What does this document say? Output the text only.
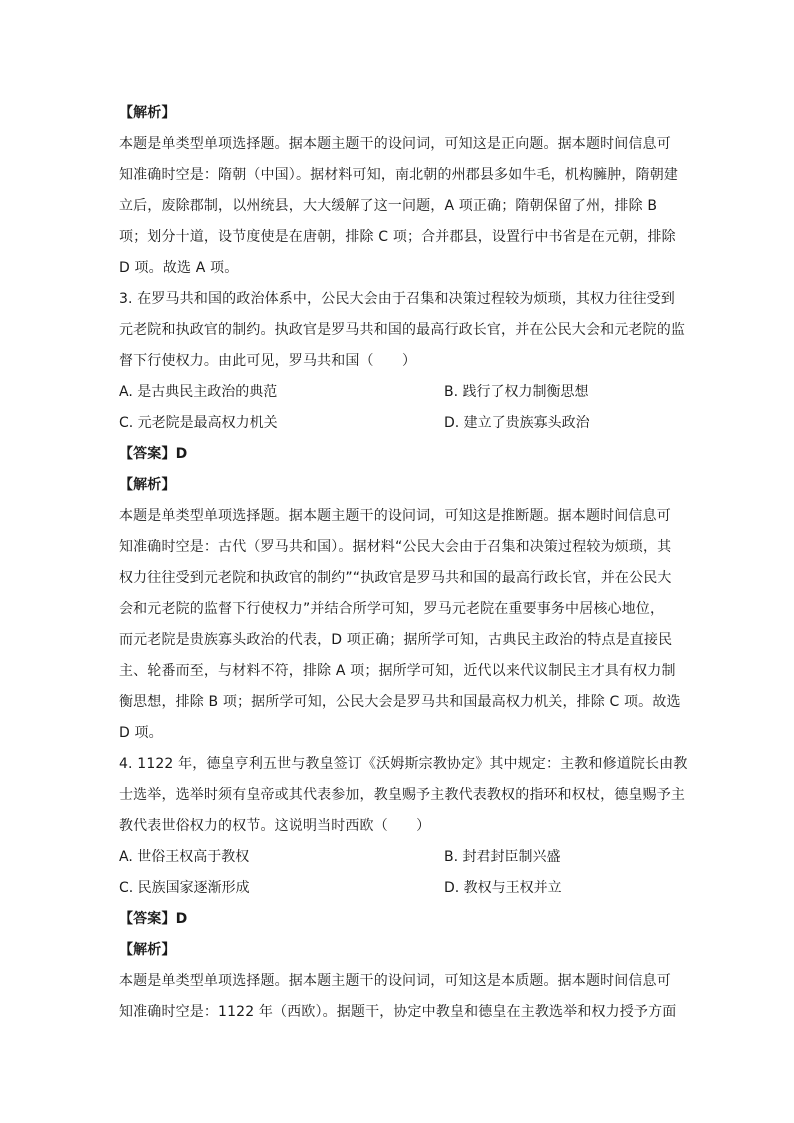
【解析】
本题是单类型单项选择题。据本题主题干的设问词，可知这是正向题。据本题时间信息可
知准确时空是：隋朝（中国）。据材料可知，南北朝的州郡县多如牛毛，机构臃肿，隋朝建
立后，废除郡制，以州统县，大大缓解了这一问题，A 项正确；隋朝保留了州，排除 B
项；划分十道，设节度使是在唐朝，排除 C 项；合并郡县，设置行中书省是在元朝，排除
D 项。故选 A 项。
3. 在罗马共和国的政治体系中，公民大会由于召集和决策过程较为烦琐，其权力往往受到
元老院和执政官的制约。执政官是罗马共和国的最高行政长官，并在公民大会和元老院的监
督下行使权力。由此可见，罗马共和国（　　）
A. 是古典民主政治的典范	B. 践行了权力制衡思想
C. 元老院是最高权力机关	D. 建立了贵族寡头政治
【答案】D
【解析】
本题是单类型单项选择题。据本题主题干的设问词，可知这是推断题。据本题时间信息可
知准确时空是：古代（罗马共和国）。据材料“公民大会由于召集和决策过程较为烦琐，其
权力往往受到元老院和执政官的制约”“执政官是罗马共和国的最高行政长官，并在公民大
会和元老院的监督下行使权力”并结合所学可知，罗马元老院在重要事务中居核心地位，
而元老院是贵族寡头政治的代表，D 项正确；据所学可知，古典民主政治的特点是直接民
主、轮番而至，与材料不符，排除 A 项；据所学可知，近代以来代议制民主才具有权力制
衡思想，排除 B 项；据所学可知，公民大会是罗马共和国最高权力机关，排除 C 项。故选
D 项。
4. 1122 年，德皇亨利五世与教皇签订《沃姆斯宗教协定》其中规定：主教和修道院长由教
士选举，选举时须有皇帝或其代表参加，教皇赐予主教代表教权的指环和权杖，德皇赐予主
教代表世俗权力的权节。这说明当时西欧（　　）
A. 世俗王权高于教权	B. 封君封臣制兴盛
C. 民族国家逐渐形成	D. 教权与王权并立
【答案】D
【解析】
本题是单类型单项选择题。据本题主题干的设问词，可知这是本质题。据本题时间信息可
知准确时空是：1122 年（西欧）。据题干，协定中教皇和德皇在主教选举和权力授予方面
